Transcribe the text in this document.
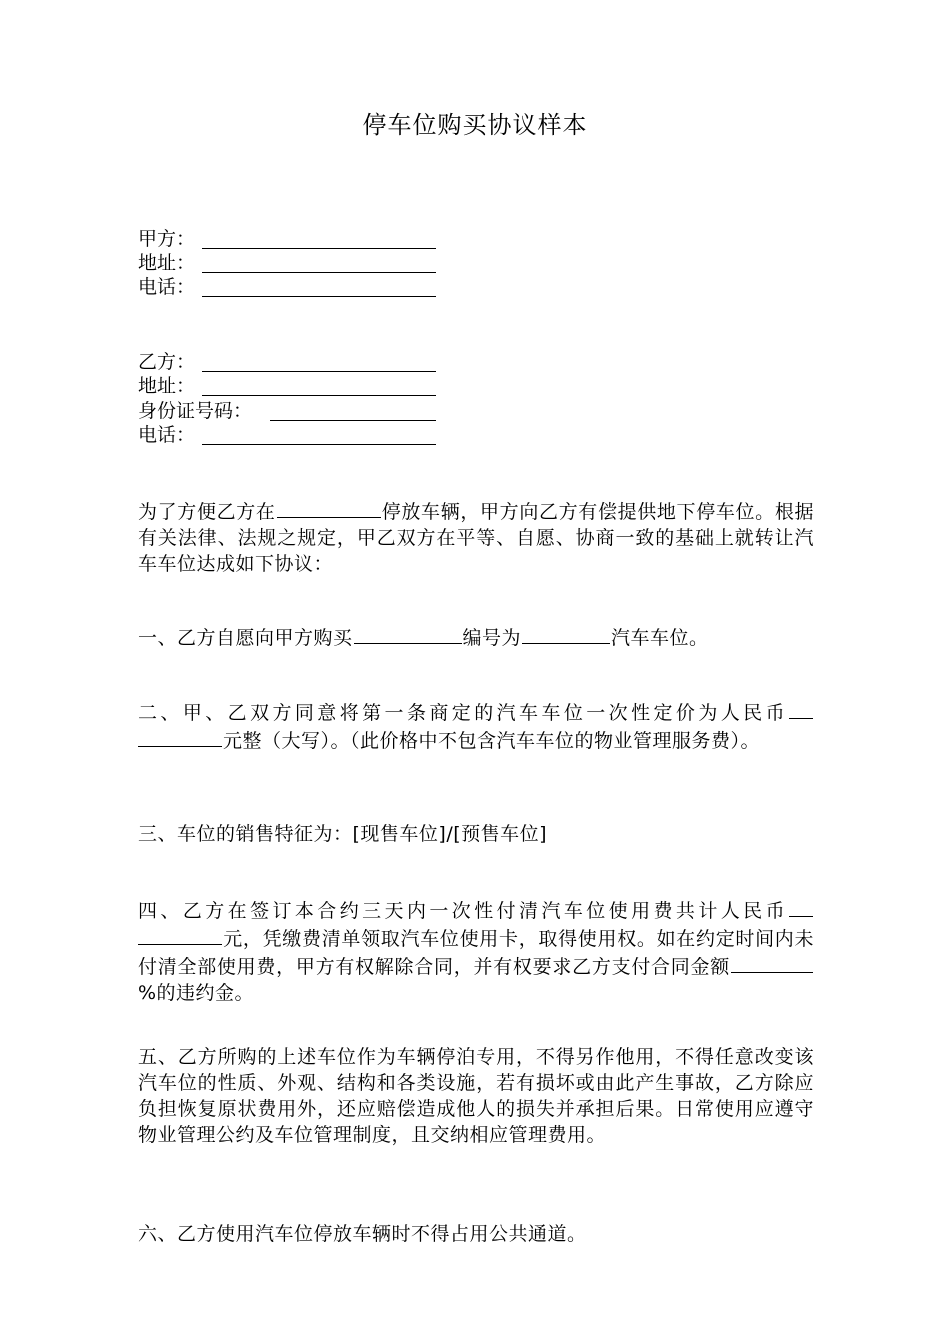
停车位购买协议样本
甲方：
地址：
电话：
乙方：
地址：
身份证号码：
电话：

为了方便乙方在	停放车辆，甲方向乙方有偿提供地下停车位。根据有关法律、法规之规定，甲乙双方在平等、自愿、协商一致的基础上就转让汽车车位达成如下协议：

一、乙方自愿向甲方购买	编号为	汽车车位。

二、甲、乙双方同意将第一条商定的汽车车位一次性定价为人民币元整（大写）。（此价格中不包含汽车车位的物业管理服务费）。

三、车位的销售特征为：[现售车位]/[预售车位]

四、乙方在签订本合约三天内一次性付清汽车位使用费共计人民币元，凭缴费清单领取汽车位使用卡，取得使用权。如在约定时间内未付清全部使用费，甲方有权解除合同，并有权要求乙方支付合同金额%的违约金。

五、乙方所购的上述车位作为车辆停泊专用，不得另作他用，不得任意改变该汽车位的性质、外观、结构和各类设施，若有损坏或由此产生事故，乙方除应负担恢复原状费用外，还应赔偿造成他人的损失并承担后果。日常使用应遵守物业管理公约及车位管理制度，且交纳相应管理费用。

六、乙方使用汽车位停放车辆时不得占用公共通道。
